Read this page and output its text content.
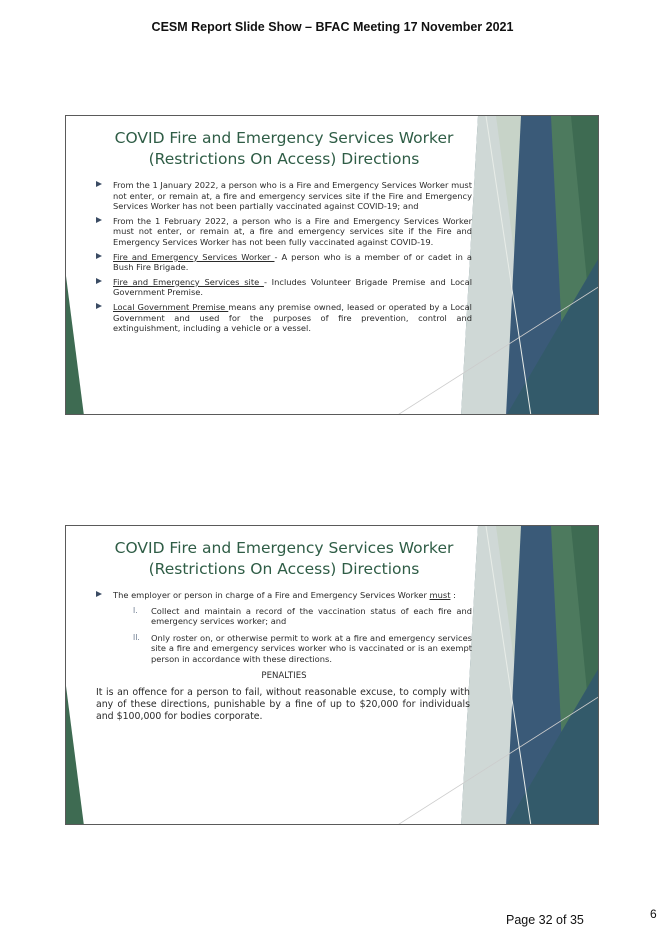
CESM Report Slide Show – BFAC Meeting 17 November 2021
COVID Fire and Emergency Services Worker
(Restrictions On Access) Directions
From the 1 January 2022, a person who is a Fire and Emergency Services Worker must not enter, or remain at, a fire and emergency services site if the Fire and Emergency Services Worker has not been partially vaccinated against COVID-19; and
From the 1 February 2022, a person who is a Fire and Emergency Services Worker must not enter, or remain at, a fire and emergency services site if the Fire and Emergency Services Worker has not been fully vaccinated against COVID-19.
Fire and Emergency Services Worker - A person who is a member of or cadet in a Bush Fire Brigade.
Fire and Emergency Services site - Includes Volunteer Brigade Premise and Local Government Premise.
Local Government Premise means any premise owned, leased or operated by a Local Government and used for the purposes of fire prevention, control and extinguishment, including a vehicle or a vessel.
COVID Fire and Emergency Services Worker
(Restrictions On Access) Directions
The employer or person in charge of a Fire and Emergency Services Worker must :
I. Collect and maintain a record of the vaccination status of each fire and emergency services worker; and
II. Only roster on, or otherwise permit to work at a fire and emergency services site a fire and emergency services worker who is vaccinated or is an exempt person in accordance with these directions.
PENALTIES
It is an offence for a person to fail, without reasonable excuse, to comply with any of these directions, punishable by a fine of up to $20,000 for individuals and $100,000 for bodies corporate.
Page 32 of 35	6
